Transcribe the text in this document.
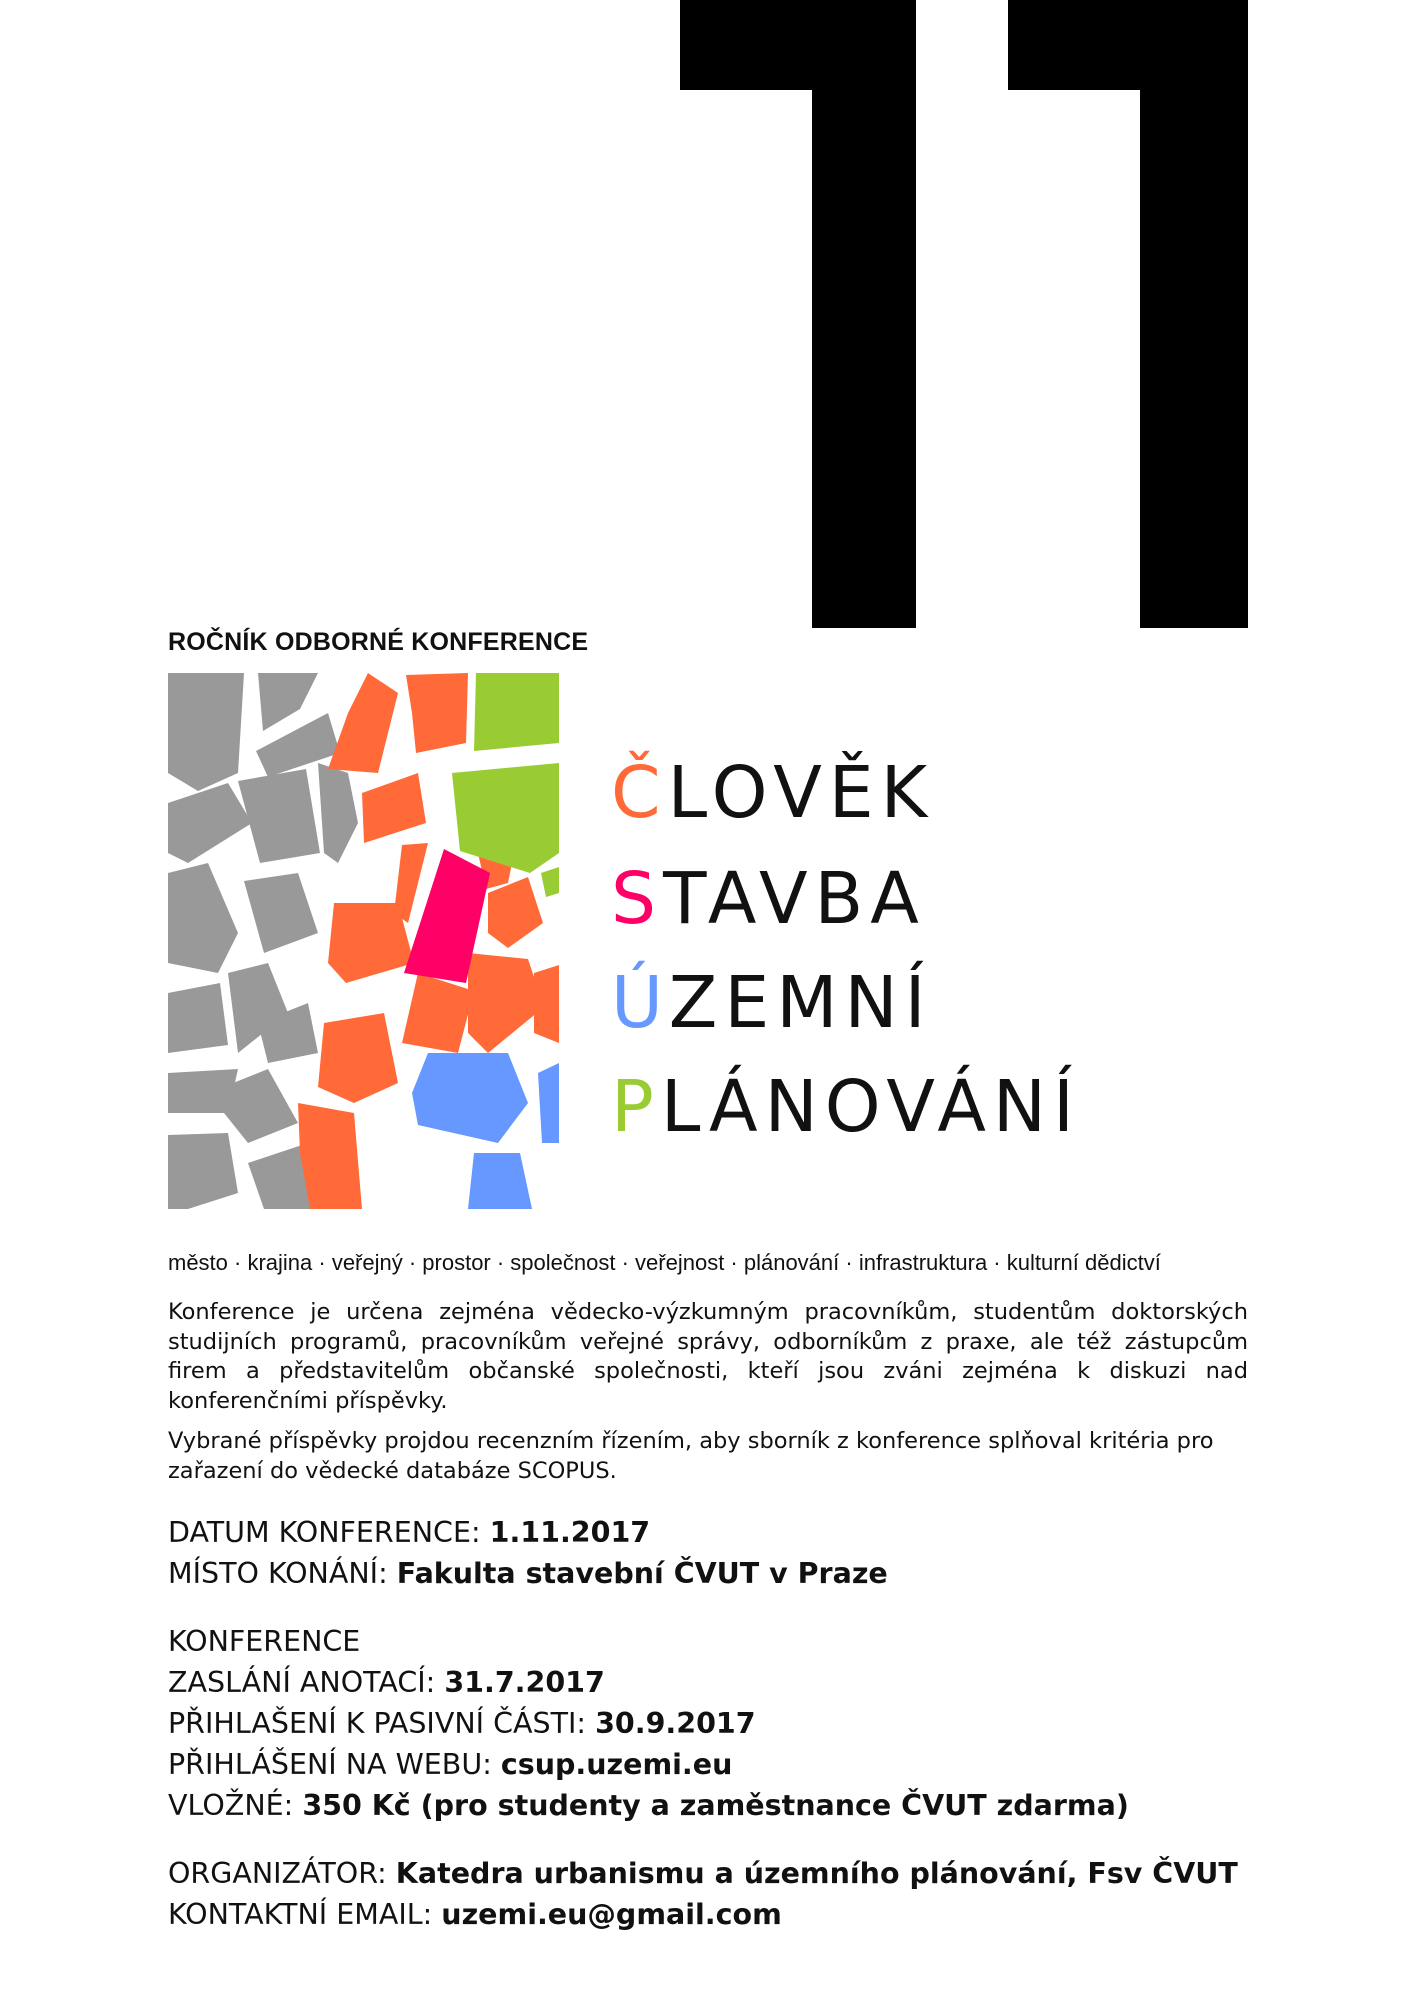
11
ROČNÍK ODBORNÉ KONFERENCE
ČLOVĚK
STAVBA
ÚZEMNÍ
PLÁNOVÁNÍ
město · krajina · veřejný · prostor · společnost · veřejnost · plánování · infrastruktura · kulturní dědictví

Konference je určena zejména vědecko-výzkumným pracovníkům, studentům doktorských studijních programů, pracovníkům veřejné správy, odborníkům z praxe, ale též zástupcům firem a představitelům občanské společnosti, kteří jsou zváni zejména k diskuzi nad konferenčními příspěvky.

Vybrané příspěvky projdou recenzním řízením, aby sborník z konference splňoval kritéria pro zařazení do vědecké databáze SCOPUS.

DATUM KONFERENCE: 1.11.2017
MÍSTO KONÁNÍ: Fakulta stavební ČVUT v Praze
KONFERENCE
ZASLÁNÍ ANOTACÍ: 31.7.2017
PŘIHLAŠENÍ K PASIVNÍ ČÁSTI: 30.9.2017
PŘIHLÁŠENÍ NA WEBU: csup.uzemi.eu
VLOŽNÉ: 350 Kč (pro studenty a zaměstnance ČVUT zdarma)
ORGANIZÁTOR: Katedra urbanismu a územního plánování, Fsv ČVUT
KONTAKTNÍ EMAIL: uzemi.eu@gmail.com
